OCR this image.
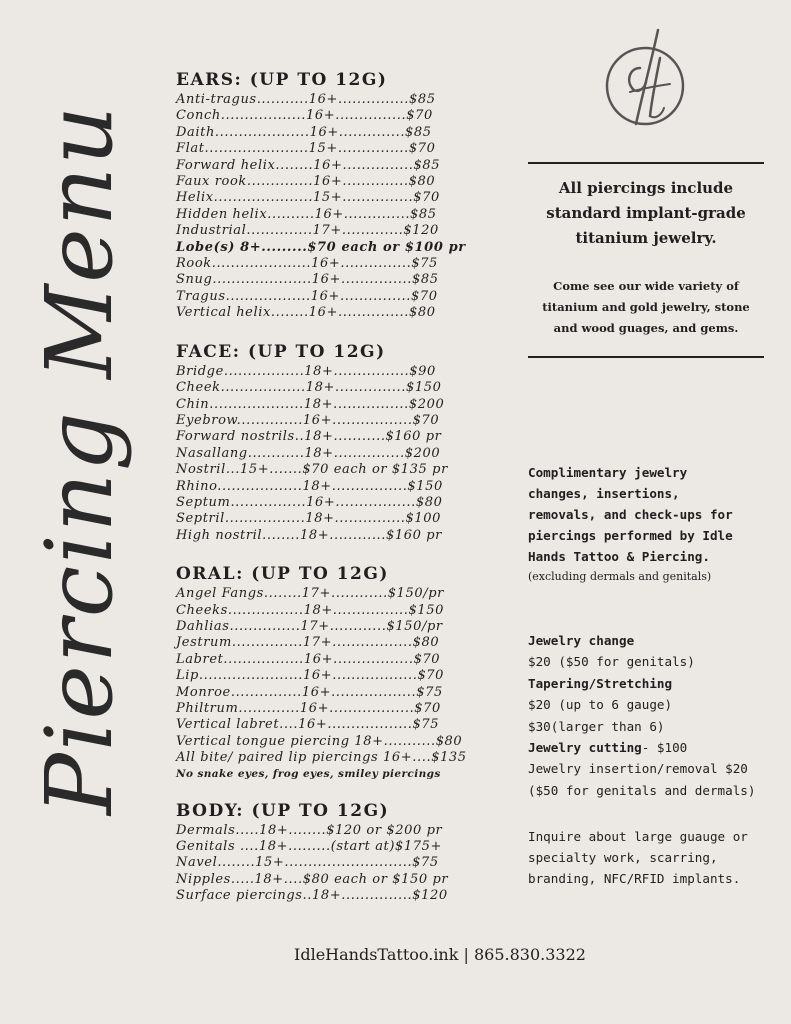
Piercing Menu
EARS: (UP TO 12G)
Anti-tragus...........16+...............$85
Conch..................16+...............$70
Daith....................16+..............$85
Flat......................15+...............$70
Forward helix........16+...............$85
Faux rook..............16+..............$80
Helix.....................15+...............$70
Hidden helix..........16+..............$85
Industrial..............17+.............$120
Lobe(s) 8+.........$70 each or $100 pr
Rook.....................16+...............$75
Snug.....................16+...............$85
Tragus..................16+...............$70
Vertical helix........16+...............$80
FACE: (UP TO 12G)
Bridge.................18+................$90
Cheek..................18+...............$150
Chin....................18+................$200
Eyebrow..............16+.................$70
Forward nostrils..18+...........$160 pr
Nasallang............18+...............$200
Nostril...15+.......$70 each or $135 pr
Rhino..................18+................$150
Septum................16+.................$80
Septril.................18+...............$100
High nostril........18+............$160 pr
ORAL: (UP TO 12G)
Angel Fangs........17+............$150/pr
Cheeks................18+................$150
Dahlias...............17+............$150/pr
Jestrum...............17+.................$80
Labret.................16+.................$70
Lip......................16+..................$70
Monroe...............16+..................$75
Philtrum.............16+..................$70
Vertical labret....16+..................$75
Vertical tongue piercing 18+...........$80
All bite/ paired lip piercings 16+....$135
No snake eyes, frog eyes, smiley piercings
BODY: (UP TO 12G)
Dermals.....18+........$120 or $200 pr
Genitals ....18+.........(start at)$175+
Navel........15+...........................$75
Nipples.....18+....$80 each or $150 pr
Surface piercings..18+...............$120
All piercings include
standard implant-grade
titanium jewelry.
Come see our wide variety of
titanium and gold jewelry, stone
and wood guages, and gems.
Complimentary jewelry
changes, insertions,
removals, and check-ups for
piercings performed by Idle
Hands Tattoo & Piercing.
(excluding dermals and genitals)
Jewelry change
$20 ($50 for genitals)
Tapering/Stretching
$20 (up to 6 gauge)
$30(larger than 6)
Jewelry cutting- $100
Jewelry insertion/removal $20
($50 for genitals and dermals)
Inquire about large guauge or
specialty work, scarring,
branding, NFC/RFID implants.
IdleHandsTattoo.ink | 865.830.3322
